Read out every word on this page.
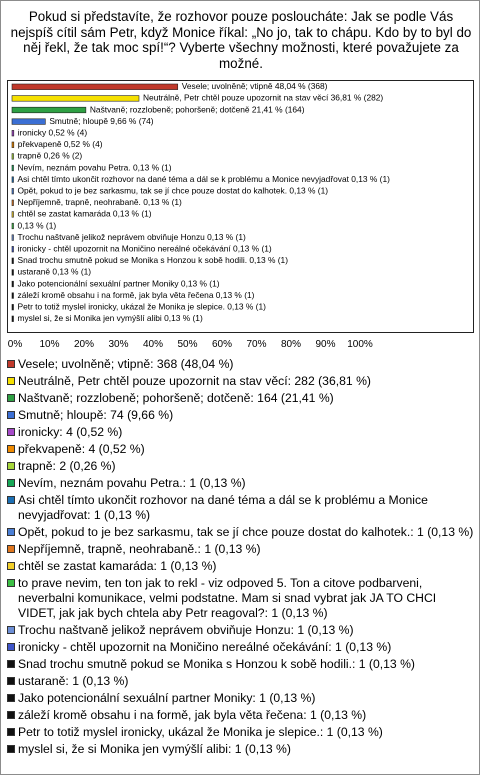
Pokud si představíte, že rozhovor pouze posloucháte: Jak se podle Vás nejspíš cítil sám Petr, když Monice říkal: „No jo, tak to chápu. Kdo by to byl do něj řekl, že tak moc spí!“? Vyberte všechny možnosti, které považujete za možné.
Vesele; uvolněně; vtipně 48,04 % (368)
Neutrálně, Petr chtěl pouze upozornit na stav věcí 36,81 % (282)
Naštvaně; rozzlobeně; pohoršeně; dotčeně 21,41 % (164)
Smutně; hloupě 9,66 % (74)
ironicky 0,52 % (4)
překvapeně 0,52 % (4)
trapně 0,26 % (2)
Nevím, neznám povahu Petra. 0,13 % (1)
Asi chtěl tímto ukončit rozhovor na dané téma a dál se k problému a Monice nevyjadřovat 0,13 % (1)
Opět, pokud to je bez sarkasmu, tak se jí chce pouze dostat do kalhotek. 0,13 % (1)
Nepříjemně, trapně, neohrabaně. 0,13 % (1)
chtěl se zastat kamaráda 0,13 % (1)
0,13 % (1)
Trochu naštvaně jelikož neprávem obviňuje Honzu 0,13 % (1)
ironicky - chtěl upozornit na Moničino nereálné očekávání 0,13 % (1)
Snad trochu smutně pokud se Monika s Honzou k sobě hodili. 0,13 % (1)
ustaraně 0,13 % (1)
Jako potencionální sexuální partner Moniky 0,13 % (1)
záleží kromě obsahu i na formě, jak byla věta řečena 0,13 % (1)
Petr to totiž myslel ironicky, ukázal že Monika je slepice. 0,13 % (1)
myslel si, že si Monika jen vymýšlí alibi 0,13 % (1)
0% 10% 20% 30% 40% 50% 60% 70% 80% 90% 100%
Vesele; uvolněně; vtipně: 368 (48,04 %)
Neutrálně, Petr chtěl pouze upozornit na stav věcí: 282 (36,81 %)
Naštvaně; rozzlobeně; pohoršeně; dotčeně: 164 (21,41 %)
Smutně; hloupě: 74 (9,66 %)
ironicky: 4 (0,52 %)
překvapeně: 4 (0,52 %)
trapně: 2 (0,26 %)
Nevím, neznám povahu Petra.: 1 (0,13 %)
Asi chtěl tímto ukončit rozhovor na dané téma a dál se k problému a Monice nevyjadřovat: 1 (0,13 %)
Opět, pokud to je bez sarkasmu, tak se jí chce pouze dostat do kalhotek.: 1 (0,13 %)
Nepříjemně, trapně, neohrabaně.: 1 (0,13 %)
chtěl se zastat kamaráda: 1 (0,13 %)
to prave nevim, ten ton jak to rekl - viz odpoved 5. Ton a citove podbarveni, neverbalni komunikace, velmi podstatne. Mam si snad vybrat jak JA TO CHCI VIDET, jak jak bych chtela aby Petr reagoval?: 1 (0,13 %)
Trochu naštvaně jelikož neprávem obviňuje Honzu: 1 (0,13 %)
ironicky - chtěl upozornit na Moničino nereálné očekávání: 1 (0,13 %)
Snad trochu smutně pokud se Monika s Honzou k sobě hodili.: 1 (0,13 %)
ustaraně: 1 (0,13 %)
Jako potencionální sexuální partner Moniky: 1 (0,13 %)
záleží kromě obsahu i na formě, jak byla věta řečena: 1 (0,13 %)
Petr to totiž myslel ironicky, ukázal že Monika je slepice.: 1 (0,13 %)
myslel si, že si Monika jen vymýšlí alibi: 1 (0,13 %)
